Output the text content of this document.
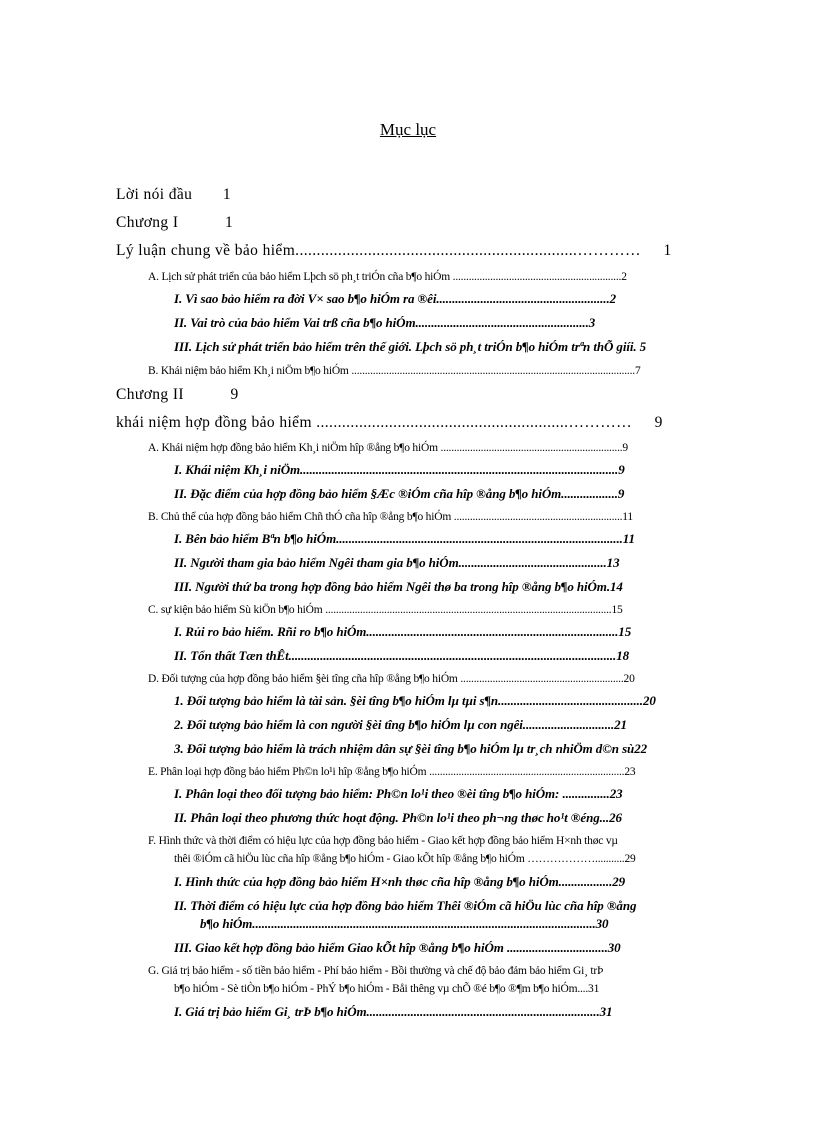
Mục lục
Lời nói đầu 1
Chương I	1
Lý luận chung về bảo hiểm..................................................................………… 1
A. Lịch sử phát triển của bảo hiểm Lþch sö ph¸t triÓn cña b¶o hiÓm ...............................................................2
I. Vì sao bảo hiểm ra đời V× sao b¶o hiÓm ra ®êi.......................................................2
II. Vai trò của bảo hiểm Vai trß cña b¶o hiÓm.......................................................3
III. Lịch sử phát triển bảo hiểm trên thế giới. Lþch sö ph¸t triÓn b¶o hiÓm trªn thÕ giíi. 5
B. Khái niệm bảo hiểm Kh¸i niÖm b¶o hiÓm ..........................................................................................................7
Chương II	9
khái niệm hợp đồng bảo hiểm ...........................................................………… 9
A. Khái niệm hợp đồng bảo hiểm Kh¸i niÖm hîp ®ång b¶o hiÓm ....................................................................9
I. Khái niệm Kh¸i niÖm.....................................................................................................9
II. Đặc điểm của hợp đồng bảo hiểm §Æc ®iÓm cña hîp ®ång b¶o hiÓm..................9
B. Chủ thể của hợp đồng bảo hiểm Chñ thÓ cña hîp ®ång b¶o hiÓm ...............................................................11
I. Bên bảo hiểm Bªn b¶o hiÓm...........................................................................................11
II. Người tham gia bảo hiểm Ngêi tham gia b¶o hiÓm...............................................13
III. Người thứ ba trong hợp đồng bảo hiểm Ngêi thø ba trong hîp ®ång b¶o hiÓm.14
C. sự kiện bảo hiểm Sù kiÖn b¶o hiÓm ...........................................................................................................15
I. Rủi ro bảo hiểm. Rñi ro b¶o hiÓm................................................................................15
II. Tổn thất Tæn thÊt........................................................................................................18
D. Đối tượng của hợp đồng bảo hiểm §èi tîng cña hîp ®ång b¶o hiÓm .............................................................20
1. Đối tượng bảo hiểm là tài sản. §èi tîng b¶o hiÓm lµ tµi s¶n..............................................20
2. Đối tượng bảo hiểm là con người §èi tîng b¶o hiÓm lµ con ngêi.............................21
3. Đối tượng bảo hiểm là trách nhiệm dân sự §èi tîng b¶o hiÓm lµ tr¸ch nhiÖm d©n sù22
E. Phân loại hợp đồng bảo hiểm Ph©n lo¹i hîp ®ång b¶o hiÓm .........................................................................23
I. Phân loại theo đối tượng bảo hiểm: Ph©n lo¹i theo ®èi tîng b¶o hiÓm: ...............23
II. Phân loại theo phương thức hoạt động. Ph©n lo¹i theo ph¬ng thøc ho¹t ®éng...26
F. Hình thức và thời điểm có hiệu lực của hợp đồng bảo hiểm - Giao kết hợp đồng bảo hiểm H×nh thøc vµ
thêi ®iÓm cã hiÖu lùc cña hîp ®ång b¶o hiÓm - Giao kÕt hîp ®ång b¶o hiÓm ………………...........29
I. Hình thức của hợp đồng bảo hiểm H×nh thøc cña hîp ®ång b¶o hiÓm.................29
II. Thời điểm có hiệu lực của hợp đồng bảo hiểm Thêi ®iÓm cã hiÖu lùc cña hîp ®ång
b¶o hiÓm.............................................................................................................30
III. Giao kết hợp đồng bảo hiểm Giao kÕt hîp ®ång b¶o hiÓm ................................30
G. Giá trị bảo hiểm - số tiền bảo hiểm - Phí bảo hiểm - Bồi thường và chế độ bảo đảm bảo hiểm Gi¸ trÞ
b¶o hiÓm - Sè tiÒn b¶o hiÓm - PhÝ b¶o hiÓm - Båi thêng vµ chÕ ®é b¶o ®¶m b¶o hiÓm....31
I. Giá trị bảo hiểm Gi¸ trÞ b¶o hiÓm..........................................................................31
